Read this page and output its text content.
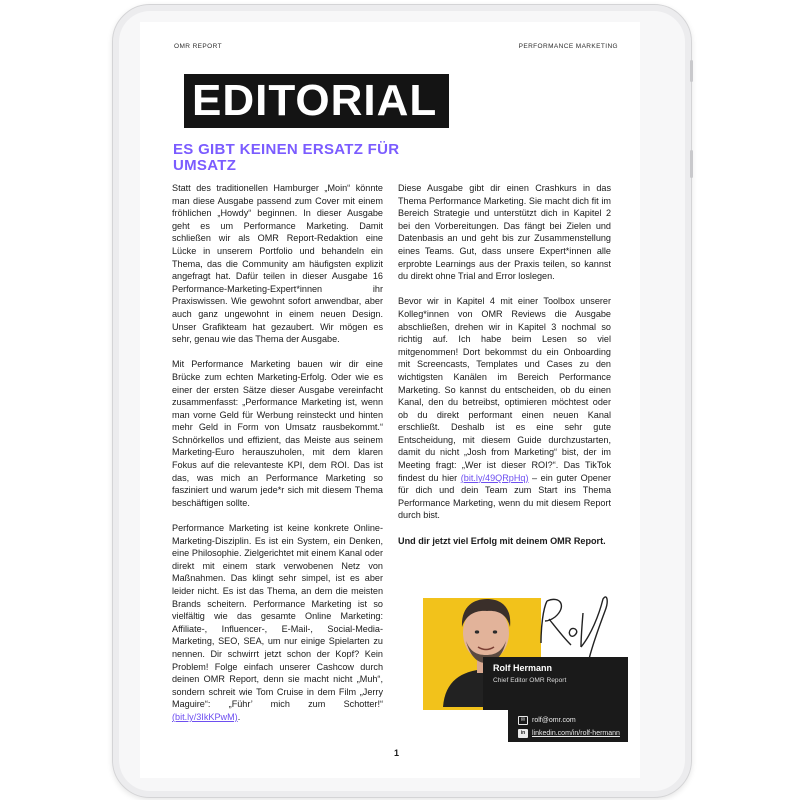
OMR REPORT	PERFORMANCE MARKETING
EDITORIAL
ES GIBT KEINEN ERSATZ FÜR UMSATZ

Statt des traditionellen Hamburger „Moin“ könnte man diese Ausgabe passend zum Cover mit einem fröhlichen „Howdy“ beginnen. In dieser Ausgabe geht es um Performance Marketing. Damit schließen wir als OMR Report-Redaktion eine Lücke in unserem Portfolio und behandeln ein Thema, das die Community am häufigsten explizit angefragt hat. Dafür teilen in dieser Ausgabe 16 Performance-Marketing-Expert*innen ihr Praxiswissen. Wie gewohnt sofort anwendbar, aber auch ganz ungewohnt in einem neuen Design. Unser Grafikteam hat gezaubert. Wir mögen es sehr, genau wie das Thema der Ausgabe.

Mit Performance Marketing bauen wir dir eine Brücke zum echten Marketing-Erfolg. Oder wie es einer der ersten Sätze dieser Ausgabe vereinfacht zusammenfasst: „Performance Marketing ist, wenn man vorne Geld für Werbung reinsteckt und hinten mehr Geld in Form von Umsatz rausbekommt.“ Schnörkellos und effizient, das Meiste aus seinem Marketing-Euro herauszuholen, mit dem klaren Fokus auf die relevanteste KPI, dem ROI. Das ist das, was mich an Performance Marketing so fasziniert und warum jede*r sich mit diesem Thema beschäftigen sollte.

Performance Marketing ist keine konkrete Online-Marketing-Disziplin. Es ist ein System, ein Denken, eine Philosophie. Zielgerichtet mit einem Kanal oder direkt mit einem stark verwobenen Netz von Maßnahmen. Das klingt sehr simpel, ist es aber leider nicht. Es ist das Thema, an dem die meisten Brands scheitern. Performance Marketing ist so vielfältig wie das gesamte Online Marketing: Affiliate-, Influencer-, E-Mail-, Social-Media-Marketing, SEO, SEA, um nur einige Spielarten zu nennen. Dir schwirrt jetzt schon der Kopf? Kein Problem! Folge einfach unserer Cashcow durch deinen OMR Report, denn sie macht nicht „Muh“, sondern schreit wie Tom Cruise in dem Film „Jerry Maguire“: „Führ’ mich zum Schotter!“ (bit.ly/3IkKPwM).

Diese Ausgabe gibt dir einen Crashkurs in das Thema Performance Marketing. Sie macht dich fit im Bereich Strategie und unterstützt dich in Kapitel 2 bei den Vorbereitungen. Das fängt bei Zielen und Datenbasis an und geht bis zur Zusammenstellung eines Teams. Gut, dass unsere Expert*innen alle erprobte Learnings aus der Praxis teilen, so kannst du direkt ohne Trial and Error loslegen.

Bevor wir in Kapitel 4 mit einer Toolbox unserer Kolleg*innen von OMR Reviews die Ausgabe abschließen, drehen wir in Kapitel 3 nochmal so richtig auf. Ich habe beim Lesen so viel mitgenommen! Dort bekommst du ein Onboarding mit Screencasts, Templates und Cases zu den wichtigsten Kanälen im Bereich Performance Marketing. So kannst du entscheiden, ob du einen Kanal, den du betreibst, optimieren möchtest oder ob du direkt performant einen neuen Kanal erschließt. Deshalb ist es eine sehr gute Entscheidung, mit diesem Guide durchzustarten, damit du nicht „Josh from Marketing“ bist, der im Meeting fragt: „Wer ist dieser ROI?“. Das TikTok findest du hier (bit.ly/49QRpHq) – ein guter Opener für dich und dein Team zum Start ins Thema Performance Marketing, wenn du mit diesem Report durch bist.

Und dir jetzt viel Erfolg mit deinem OMR Report.

Rolf Hermann
Chief Editor OMR Report
✉ rolf@omr.com
in linkedin.com/in/rolf-hermann
1
